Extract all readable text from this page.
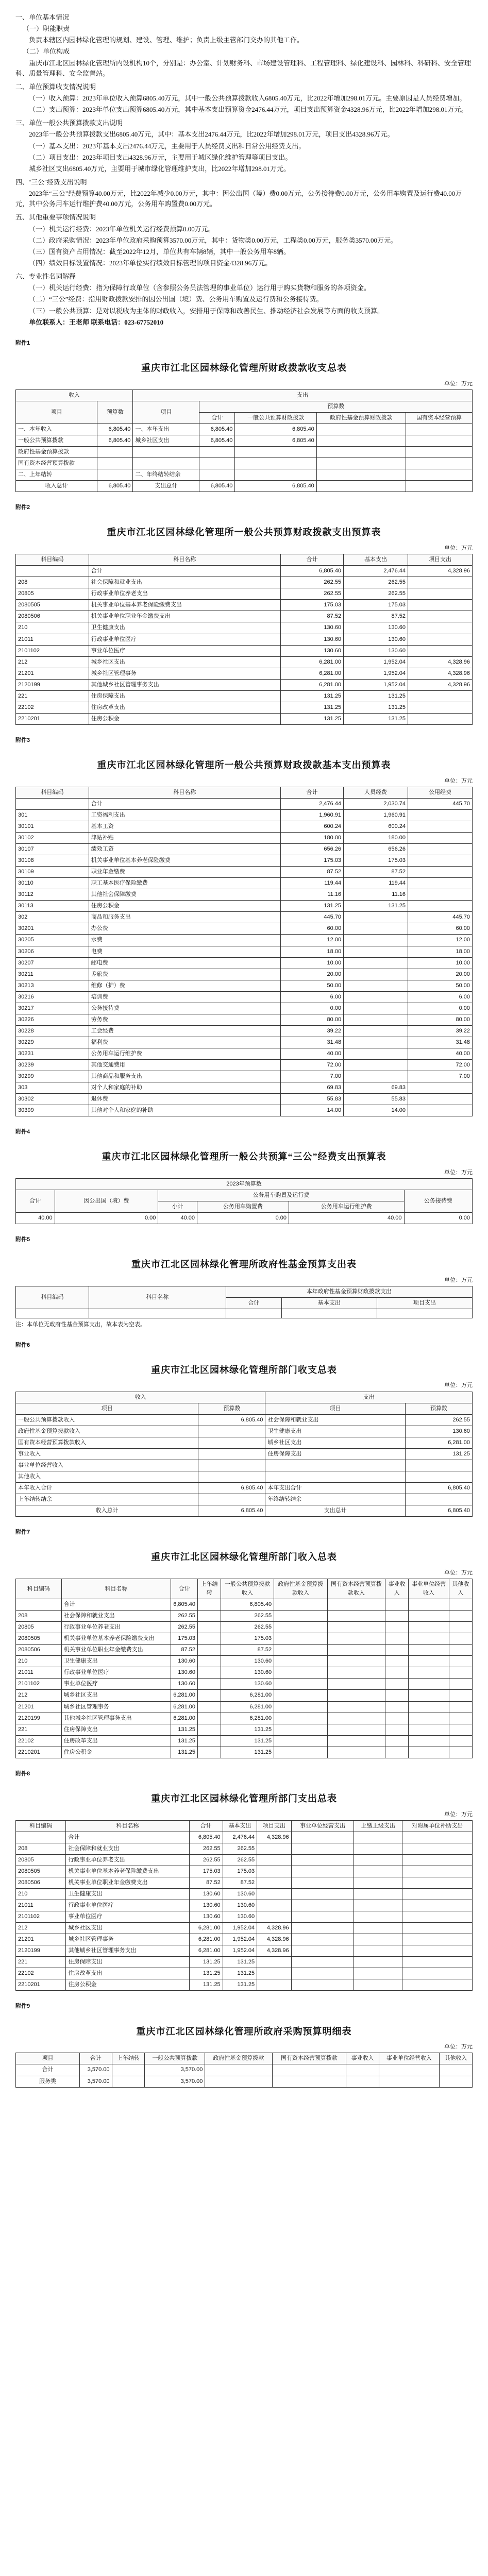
一、单位基本情况
（一）职能职责

负责本辖区内园林绿化管理的规划、建设、管理、维护；负责上级主管部门交办的其他工作。

（二）单位构成

重庆市江北区园林绿化管理所内设机构10个，分别是：办公室、计划财务科、市场建设管理科、工程管理科、绿化建设科、园林科、科研科、安全管理科、质量管理科、安全监督站。

二、单位预算收支情况说明

（一）收入预算：2023年单位收入预算6805.40万元，其中一般公共预算拨款收入6805.40万元，比2022年增加298.01万元。主要原因是人员经费增加。

（二）支出预算：2023年单位支出预算6805.40万元，其中基本支出预算资金2476.44万元，项目支出预算资金4328.96万元，比2022年增加298.01万元。

三、单位一般公共预算拨款支出说明

2023年一般公共预算拨款支出6805.40万元，其中：基本支出2476.44万元，比2022年增加298.01万元，项目支出4328.96万元。

（一）基本支出：2023年基本支出2476.44万元，主要用于人员经费支出和日常公用经费支出。

（二）项目支出：2023年项目支出4328.96万元，主要用于城区绿化维护管理等项目支出。

城乡社区支出6805.40万元，主要用于城市绿化管理维护支出，比2022年增加298.01万元。

四、“三公”经费支出说明

2023年“三公”经费预算40.00万元，比2022年减少0.00万元，其中：因公出国（境）费0.00万元，公务接待费0.00万元，公务用车购置及运行费40.00万元，其中公务用车运行维护费40.00万元，公务用车购置费0.00万元。

五、其他重要事项情况说明

（一）机关运行经费：2023年单位机关运行经费预算0.00万元。

（二）政府采购情况：2023年单位政府采购预算3570.00万元，其中：货物类0.00万元，工程类0.00万元，服务类3570.00万元。

（三）国有资产占用情况：截至2022年12月，单位共有车辆8辆，其中一般公务用车8辆。

（四）绩效目标设置情况：2023年单位实行绩效目标管理的项目资金4328.96万元。

六、专业性名词解释

（一）机关运行经费：指为保障行政单位（含参照公务员法管理的事业单位）运行用于购买货物和服务的各项资金。

（二）“三公”经费：指用财政拨款安排的因公出国（境）费、公务用车购置及运行费和公务接待费。

（三）一般公共预算：是对以税收为主体的财政收入，安排用于保障和改善民生、推动经济社会发展等方面的收支预算。

单位联系人：王老师 联系电话：023-67752010

附件1
重庆市江北区园林绿化管理所财政拨款收支总表
单位：万元
收入		支出				
项目	预算数	项目	预算数			
			合计	一般公共预算财政拨款	政府性基金预算财政拨款	国有资本经营预算
一、本年收入	6,805.40	一、本年支出	6,805.40	6,805.40		
一般公共预算拨款	6,805.40	城乡社区支出	6,805.40	6,805.40		
政府性基金预算拨款						
国有资本经营预算拨款						
二、上年结转		二、年终结转结余				
收入总计	6,805.40	支出总计	6,805.40	6,805.40		
附件2
重庆市江北区园林绿化管理所一般公共预算财政拨款支出预算表
单位：万元
科目编码	科目名称	合计	基本支出	项目支出
	合计	6,805.40	2,476.44	4,328.96
208	社会保障和就业支出	262.55	262.55	
20805	行政事业单位养老支出	262.55	262.55	
2080505	机关事业单位基本养老保险缴费支出	175.03	175.03	
2080506	机关事业单位职业年金缴费支出	87.52	87.52	
210	卫生健康支出	130.60	130.60	
21011	行政事业单位医疗	130.60	130.60	
2101102	事业单位医疗	130.60	130.60	
212	城乡社区支出	6,281.00	1,952.04	4,328.96
21201	城乡社区管理事务	6,281.00	1,952.04	4,328.96
2120199	其他城乡社区管理事务支出	6,281.00	1,952.04	4,328.96
221	住房保障支出	131.25	131.25	
22102	住房改革支出	131.25	131.25	
2210201	住房公积金	131.25	131.25	
附件3
重庆市江北区园林绿化管理所一般公共预算财政拨款基本支出预算表
单位：万元
科目编码	科目名称	合计	人员经费	公用经费
	合计	2,476.44	2,030.74	445.70
301	工资福利支出	1,960.91	1,960.91	
30101	基本工资	600.24	600.24	
30102	津贴补贴	180.00	180.00	
30107	绩效工资	656.26	656.26	
30108	机关事业单位基本养老保险缴费	175.03	175.03	
30109	职业年金缴费	87.52	87.52	
30110	职工基本医疗保险缴费	119.44	119.44	
30112	其他社会保障缴费	11.16	11.16	
30113	住房公积金	131.25	131.25	
302	商品和服务支出	445.70		445.70
30201	办公费	60.00		60.00
30205	水费	12.00		12.00
30206	电费	18.00		18.00
30207	邮电费	10.00		10.00
30211	差旅费	20.00		20.00
30213	维修（护）费	50.00		50.00
30216	培训费	6.00		6.00
30217	公务接待费	0.00		0.00
30226	劳务费	80.00		80.00
30228	工会经费	39.22		39.22
30229	福利费	31.48		31.48
30231	公务用车运行维护费	40.00		40.00
30239	其他交通费用	72.00		72.00
30299	其他商品和服务支出	7.00		7.00
303	对个人和家庭的补助	69.83	69.83	
30302	退休费	55.83	55.83	
30399	其他对个人和家庭的补助	14.00	14.00	
附件4
重庆市江北区园林绿化管理所一般公共预算“三公”经费支出预算表
单位：万元
2023年预算数					
合计	因公出国（境）费	公务用车购置及运行费			公务接待费
		小计	公务用车购置费	公务用车运行维护费	
40.00	0.00	40.00	0.00	40.00	0.00
附件5
重庆市江北区园林绿化管理所政府性基金预算支出表
单位：万元
科目编码	科目名称	本年政府性基金预算财政拨款支出		
		合计	基本支出	项目支出

注：本单位无政府性基金预算支出，故本表为空表。
附件6
重庆市江北区园林绿化管理所部门收支总表
单位：万元
收入		支出	
项目	预算数	项目	预算数
一般公共预算拨款收入	6,805.40	社会保障和就业支出	262.55
政府性基金预算拨款收入		卫生健康支出	130.60
国有资本经营预算拨款收入		城乡社区支出	6,281.00
事业收入		住房保障支出	131.25
事业单位经营收入			
其他收入			
本年收入合计	6,805.40	本年支出合计	6,805.40
上年结转结余		年终结转结余	
收入总计	6,805.40	支出总计	6,805.40
附件7
重庆市江北区园林绿化管理所部门收入总表
单位：万元
科目编码	科目名称	合计	上年结转	一般公共预算拨款收入	政府性基金预算拨款收入	国有资本经营预算拨款收入	事业收入	事业单位经营收入	其他收入
	合计	6,805.40		6,805.40					
208	社会保障和就业支出	262.55		262.55					
20805	行政事业单位养老支出	262.55		262.55					
2080505	机关事业单位基本养老保险缴费支出	175.03		175.03					
2080506	机关事业单位职业年金缴费支出	87.52		87.52					
210	卫生健康支出	130.60		130.60					
21011	行政事业单位医疗	130.60		130.60					
2101102	事业单位医疗	130.60		130.60					
212	城乡社区支出	6,281.00		6,281.00					
21201	城乡社区管理事务	6,281.00		6,281.00					
2120199	其他城乡社区管理事务支出	6,281.00		6,281.00					
221	住房保障支出	131.25		131.25					
22102	住房改革支出	131.25		131.25					
2210201	住房公积金	131.25		131.25					
附件8
重庆市江北区园林绿化管理所部门支出总表
单位：万元
科目编码	科目名称	合计	基本支出	项目支出	事业单位经营支出	上缴上级支出	对附属单位补助支出
	合计	6,805.40	2,476.44	4,328.96			
208	社会保障和就业支出	262.55	262.55				
20805	行政事业单位养老支出	262.55	262.55				
2080505	机关事业单位基本养老保险缴费支出	175.03	175.03				
2080506	机关事业单位职业年金缴费支出	87.52	87.52				
210	卫生健康支出	130.60	130.60				
21011	行政事业单位医疗	130.60	130.60				
2101102	事业单位医疗	130.60	130.60				
212	城乡社区支出	6,281.00	1,952.04	4,328.96			
21201	城乡社区管理事务	6,281.00	1,952.04	4,328.96			
2120199	其他城乡社区管理事务支出	6,281.00	1,952.04	4,328.96			
221	住房保障支出	131.25	131.25				
22102	住房改革支出	131.25	131.25				
2210201	住房公积金	131.25	131.25				
附件9
重庆市江北区园林绿化管理所政府采购预算明细表
单位：万元
项目	合计	上年结转	一般公共预算拨款	政府性基金预算拨款	国有资本经营预算拨款	事业收入	事业单位经营收入	其他收入
合计	3,570.00		3,570.00					
服务类	3,570.00		3,570.00					
